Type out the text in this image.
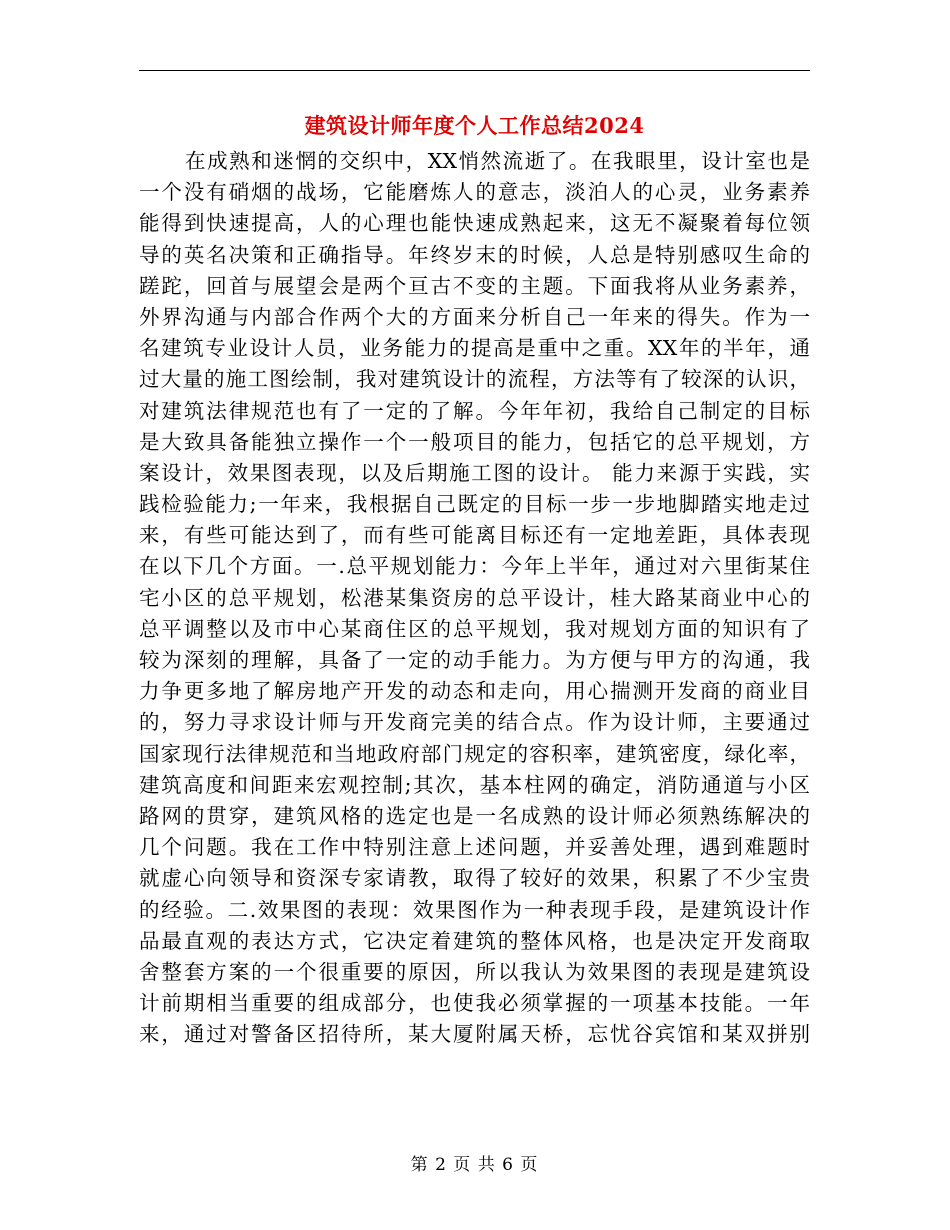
建筑设计师年度个人工作总结2024
在成熟和迷惘的交织中，XX悄然流逝了。在我眼里，设计室也是
一个没有硝烟的战场，它能磨炼人的意志，淡泊人的心灵，业务素养
能得到快速提高，人的心理也能快速成熟起来，这无不凝聚着每位领
导的英名决策和正确指导。年终岁末的时候，人总是特别感叹生命的
蹉跎，回首与展望会是两个亘古不变的主题。下面我将从业务素养，
外界沟通与内部合作两个大的方面来分析自己一年来的得失。作为一
名建筑专业设计人员，业务能力的提高是重中之重。XX年的半年，通
过大量的施工图绘制，我对建筑设计的流程，方法等有了较深的认识，
对建筑法律规范也有了一定的了解。今年年初，我给自己制定的目标
是大致具备能独立操作一个一般项目的能力，包括它的总平规划，方
案设计，效果图表现，以及后期施工图的设计。 能力来源于实践，实
践检验能力;一年来，我根据自己既定的目标一步一步地脚踏实地走过
来，有些可能达到了，而有些可能离目标还有一定地差距，具体表现
在以下几个方面。一.总平规划能力：今年上半年，通过对六里街某住
宅小区的总平规划，松港某集资房的总平设计，桂大路某商业中心的
总平调整以及市中心某商住区的总平规划，我对规划方面的知识有了
较为深刻的理解，具备了一定的动手能力。为方便与甲方的沟通，我
力争更多地了解房地产开发的动态和走向，用心揣测开发商的商业目
的，努力寻求设计师与开发商完美的结合点。作为设计师，主要通过
国家现行法律规范和当地政府部门规定的容积率，建筑密度，绿化率，
建筑高度和间距来宏观控制;其次，基本柱网的确定，消防通道与小区
路网的贯穿，建筑风格的选定也是一名成熟的设计师必须熟练解决的
几个问题。我在工作中特别注意上述问题，并妥善处理，遇到难题时
就虚心向领导和资深专家请教，取得了较好的效果，积累了不少宝贵
的经验。二.效果图的表现：效果图作为一种表现手段，是建筑设计作
品最直观的表达方式，它决定着建筑的整体风格，也是决定开发商取
舍整套方案的一个很重要的原因，所以我认为效果图的表现是建筑设
计前期相当重要的组成部分，也使我必须掌握的一项基本技能。一年
来，通过对警备区招待所，某大厦附属天桥，忘忧谷宾馆和某双拼别
第 2 页 共 6 页
